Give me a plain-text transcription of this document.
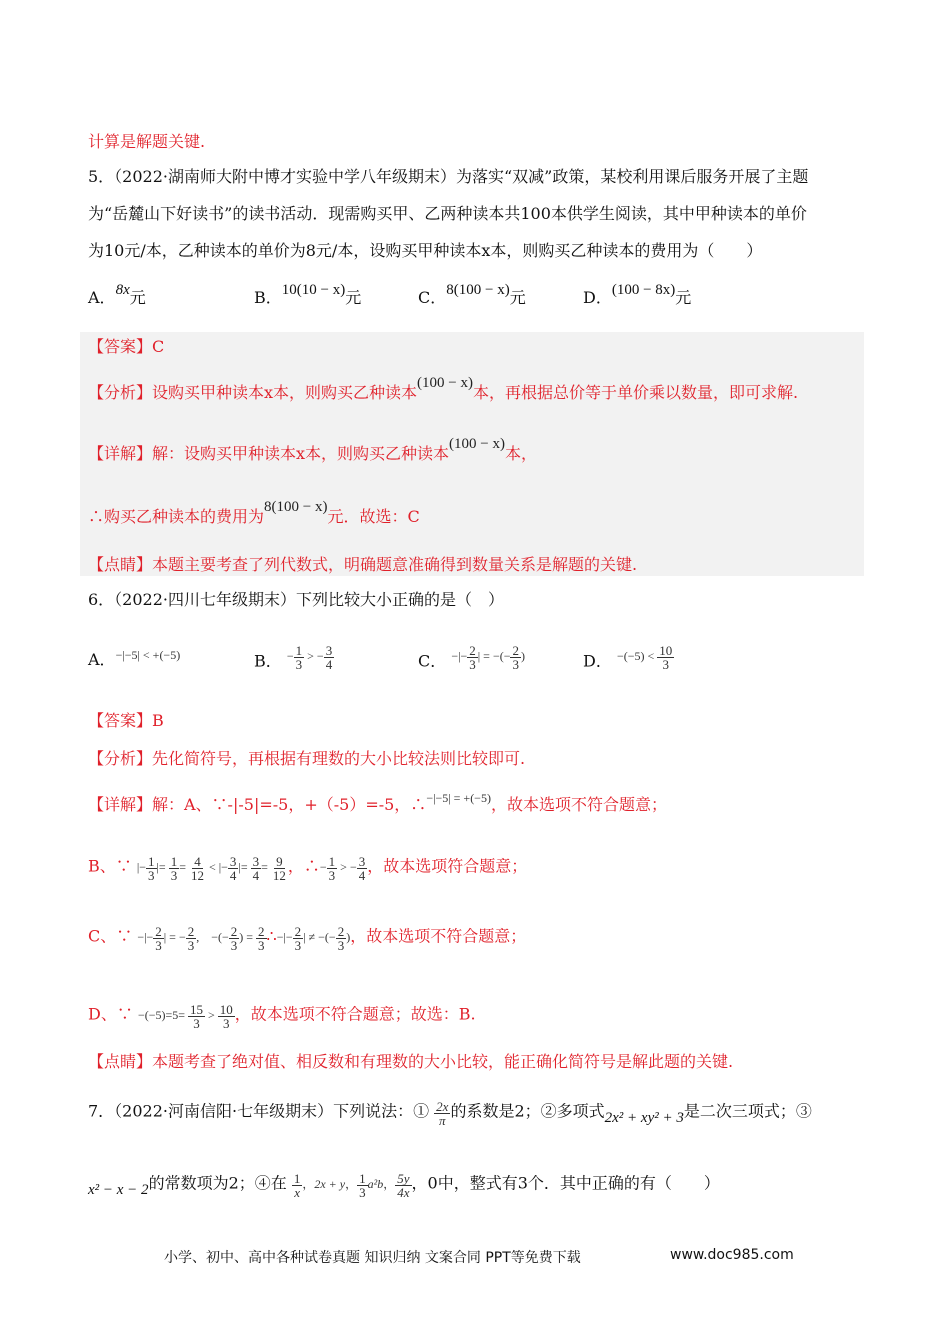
计算是解题关键.
5．（2022·湖南师大附中博才实验中学八年级期末）为落实“双减”政策，某校利用课后服务开展了主题
为“岳麓山下好读书”的读书活动．现需购买甲、乙两种读本共100本供学生阅读，其中甲种读本的单价
为10元/本，乙种读本的单价为8元/本，设购买甲种读本x本，则购买乙种读本的费用为（　　）
A．8x元	B．10(10 − x)元	C．8(100 − x)元	D．(100 − 8x)元
【答案】C
【分析】设购买甲种读本x本，则购买乙种读本(100 − x)本，再根据总价等于单价乘以数量，即可求解.
【详解】解：设购买甲种读本x本，则购买乙种读本(100 − x)本，
∴购买乙种读本的费用为8(100 − x)元．故选：C
【点睛】本题主要考查了列代数式，明确题意准确得到数量关系是解题的关键.
6．（2022·四川七年级期末）下列比较大小正确的是（　）
A．$^{-|-5| < +(-5)}$	B． $^{- \frac{1}{3} > - \frac{3}{4}}$	C． $^{-|- \frac{2}{3} | = -(- \frac{2}{3} )}$	D． $^{-(-5) < \frac{10}{3}}$
【答案】B
【分析】先化简符号，再根据有理数的大小比较法则比较即可.
【详解】解：A、∵-|-5|=-5，+（-5）=-5，∴$^{-|-5| = +(-5)}$，故本选项不符合题意；
B、∵ |− $\frac{1}{3}$ |= $\frac{1}{3} = \frac{4}{12}$ < |− $\frac{3}{4}$ |= $\frac{3}{4} = \frac{9}{12}$ ，∴− $\frac{1}{3}$ > − $\frac{3}{4}$ ，故本选项符合题意；
C、∵ −|− $\frac{2}{3}$ | = − $\frac{2}{3}$ ,　−(− $\frac{2}{3}$ ) = $\frac{2}{3}$ ∴−|− $\frac{2}{3}$ | ≠ −(− $\frac{2}{3}$ )，故本选项不符合题意；
D、∵ $-(-5)=5= \frac{15}{3} > \frac{10}{3}$ ，故本选项不符合题意；故选：B.
【点睛】本题考查了绝对值、相反数和有理数的大小比较，能正确化简符号是解此题的关键.
7．（2022·河南信阳·七年级期末）下列说法：① $\frac{2x}{\pi}$ 的系数是2；②多项式2x² + xy² + 3是二次三项式；③
x² − x − 2的常数项为2；④在 $\frac{1}{x}$ ，2x + y， $\frac{1}{3} a^2b$， $\frac{5y}{4x}$ ，0中，整式有3个．其中正确的有（　　）
小学、初中、高中各种试卷真题 知识归纳 文案合同 PPT等免费下载	www.doc985.com
